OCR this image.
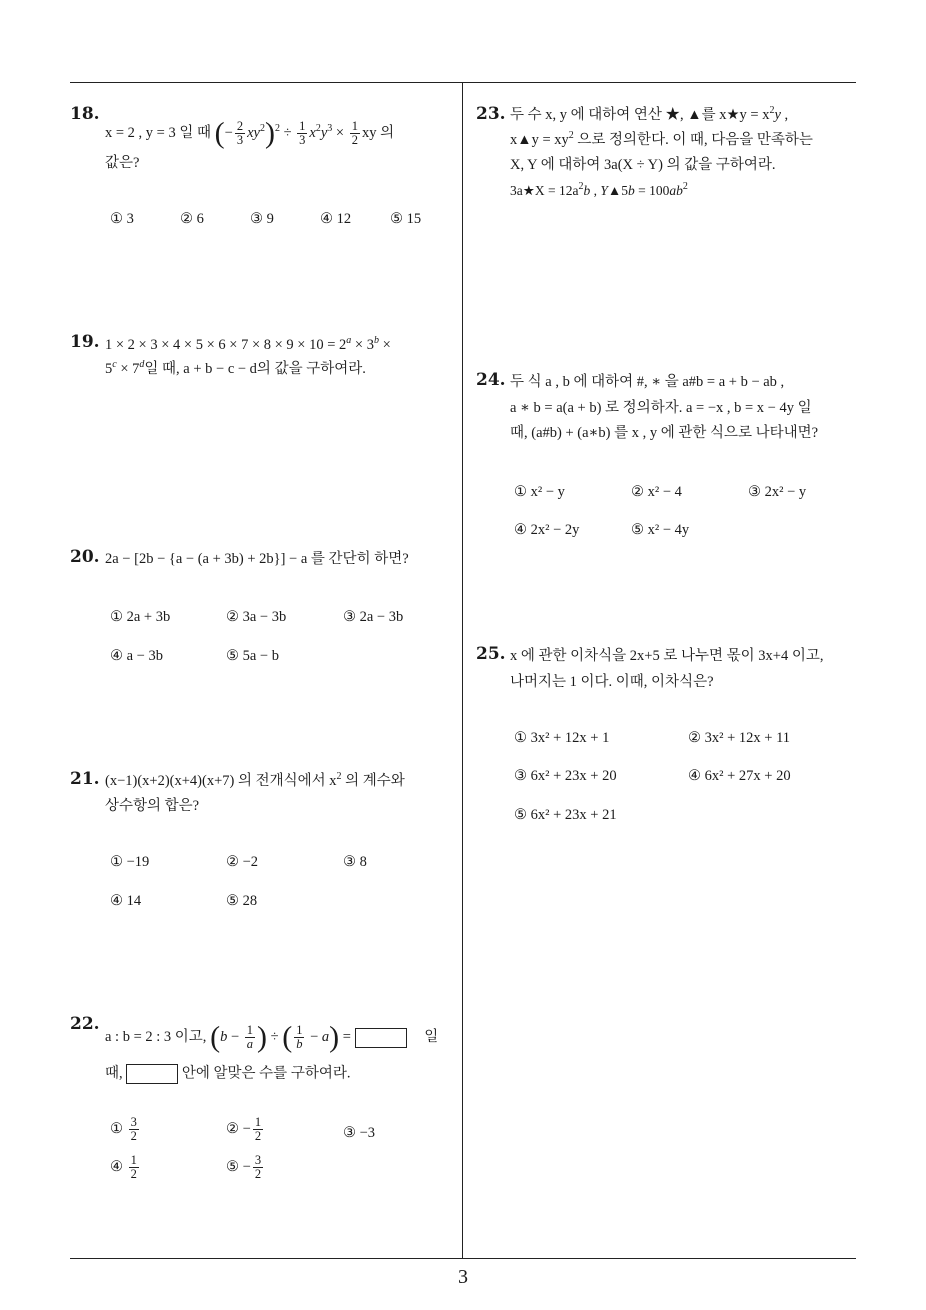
18.
x = 2 , y = 3 일 때 (− $\frac{2}{3} xy^2)^2 \div \frac{1}{3} x^2y^3 \times \frac{1}{2}$ xy 의
값은?
① 3	② 6	③ 9	④ 12	⑤ 15
19. $1 \times 2 \times 3 \times 4 \times 5 \times 6 \times 7 \times 8 \times 9 \times 10 = 2^a \times 3^b$ ×
$5^c \times 7^d$일 때, a + b − c − d의 값을 구하여라.
20. 2a − [2b − {a − (a + 3b) + 2b}] − a 를 간단히 하면?
① 2a + 3b	② 3a − 3b	③ 2a − 3b
④ a − 3b	⑤ 5a − b
21. (x−1)(x+2)(x+4)(x+7) 의 전개식에서 $x^2$ 의 계수와
상수항의 합은?
① −19	② −2	③ 8
④ 14	⑤ 28
22.
a : b = 2 : 3 이고, ($b - \frac{1}{a}$ ) ÷ ( $\frac{1}{b} - a$) =	일
때,	안에 알맞은 수를 구하여라.
① $\frac{3}{2}$	② − $\frac{1}{2}$	③ −3
④ $\frac{1}{2}$	⑤ − $\frac{3}{2}$
23. 두 수 x, y 에 대하여 연산 ★, ▲를 x★y = $x^2y$ ,
x▲y = $xy^2$ 으로 정의한다. 이 때, 다음을 만족하는
X, Y 에 대하여 3a(X ÷ Y) 의 값을 구하여라.
3a★X = $12a^2b$ , Y▲5b = $100ab^2$
24. 두 식 a , b 에 대하여 #, ∗ 을 a#b = a + b − ab ,
a ∗ b = a(a + b) 로 정의하자. a = −x , b = x − 4y 일
때, (a#b) + (a∗b) 를 x , y 에 관한 식으로 나타내면?
① x² − y	② x² − 4	③ 2x² − y
④ 2x² − 2y	⑤ x² − 4y
25. x 에 관한 이차식을 2x+5 로 나누면 몫이 3x+4 이고,
나머지는 1 이다. 이때, 이차식은?
① 3x² + 12x + 1	② 3x² + 12x + 11
③ 6x² + 23x + 20	④ 6x² + 27x + 20
⑤ 6x² + 23x + 21
3
